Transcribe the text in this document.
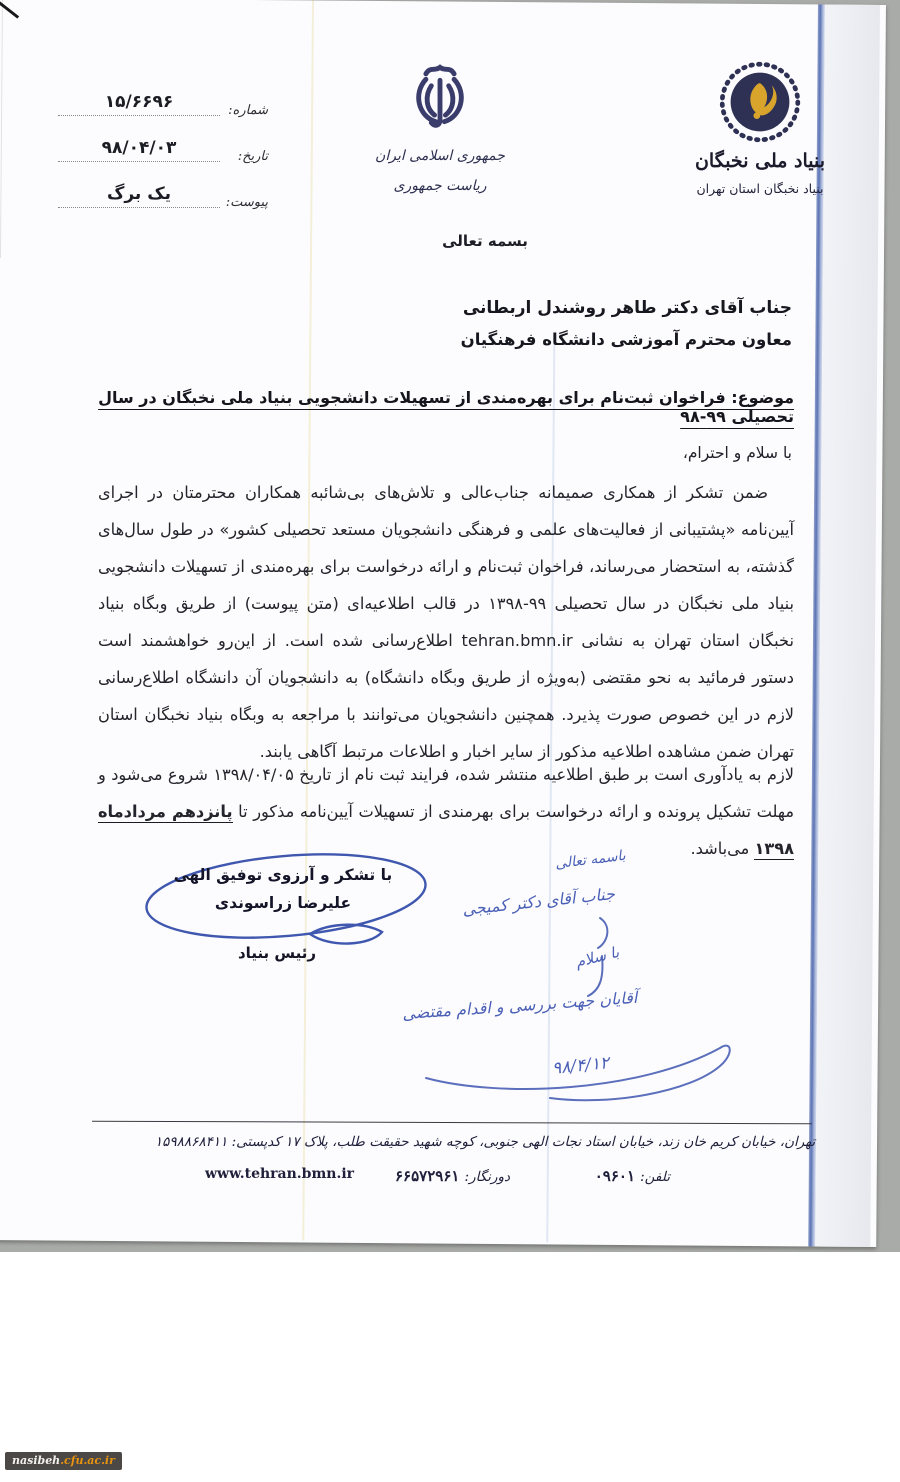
۱۵/۶۶۹۶	شماره:
۹۸/۰۴/۰۳	تاریخ:
یک برگ	پیوست:
جمهوری اسلامی ایران
ریاست جمهوری
بنیاد ملی نخبگان
بنیاد نخبگان استان تهران
بسمه تعالی
جناب آقای دکتر طاهر روشندل اربطانی
معاون محترم آموزشی دانشگاه فرهنگیان
موضوع: فراخوان ثبت‌نام برای بهره‌مندی از تسهیلات دانشجویی بنیاد ملی نخبگان در سال تحصیلی ۹۹-۹۸
با سلام و احترام،
ضمن تشکر از همکاری صمیمانه جناب‌عالی و تلاش‌های بی‌شائبه همکاران محترمتان در اجرای آیین‌نامه «پشتیبانی از فعالیت‌های علمی و فرهنگی دانشجویان مستعد تحصیلی کشور» در طول سال‌های گذشته، به استحضار می‌رساند، فراخوان ثبت‌نام و ارائه درخواست برای بهره‌مندی از تسهیلات دانشجویی بنیاد ملی نخبگان در سال تحصیلی ۹۹-۱۳۹۸ در قالب اطلاعیه‌ای (متن پیوست) از طریق وبگاه بنیاد نخبگان استان تهران به نشانی tehran.bmn.ir اطلاع‌رسانی شده است. از این‌رو خواهشمند است دستور فرمائید به نحو مقتضی (به‌ویژه از طریق وبگاه دانشگاه) به دانشجویان آن دانشگاه اطلاع‌رسانی لازم در این خصوص صورت پذیرد. همچنین دانشجویان می‌توانند با مراجعه به وبگاه بنیاد نخبگان استان تهران ضمن مشاهده اطلاعیه مذکور از سایر اخبار و اطلاعات مرتبط آگاهی یابند.
لازم به یادآوری است بر طبق اطلاعیه منتشر شده، فرایند ثبت نام از تاریخ ۱۳۹۸/۰۴/۰۵ شروع می‌شود و مهلت تشکیل پرونده و ارائه درخواست برای بهرمندی از تسهیلات آیین‌نامه مذکور تا پانزدهم مردادماه ۱۳۹۸ می‌باشد.
با تشکر و آرزوی توفیق الهی
علیرضا زراسوندی
رئیس بنیاد
باسمه تعالی
جناب آقای دکتر کمیجی
با سلام
آقایان جهت بررسی و اقدام مقتضی
۹۸/۴/۱۲
تهران، خیابان کریم خان زند، خیابان استاد نجات الهی جنوبی، کوچه شهید حقیقت طلب، پلاک ۱۷ کدپستی: ۱۵۹۸۸۶۸۴۱۱
تلفن: ۰۹۶۰۱
دورنگار: ۶۶۵۷۲۹۶۱
www.tehran.bmn.ir
nasibeh.cfu.ac.ir
